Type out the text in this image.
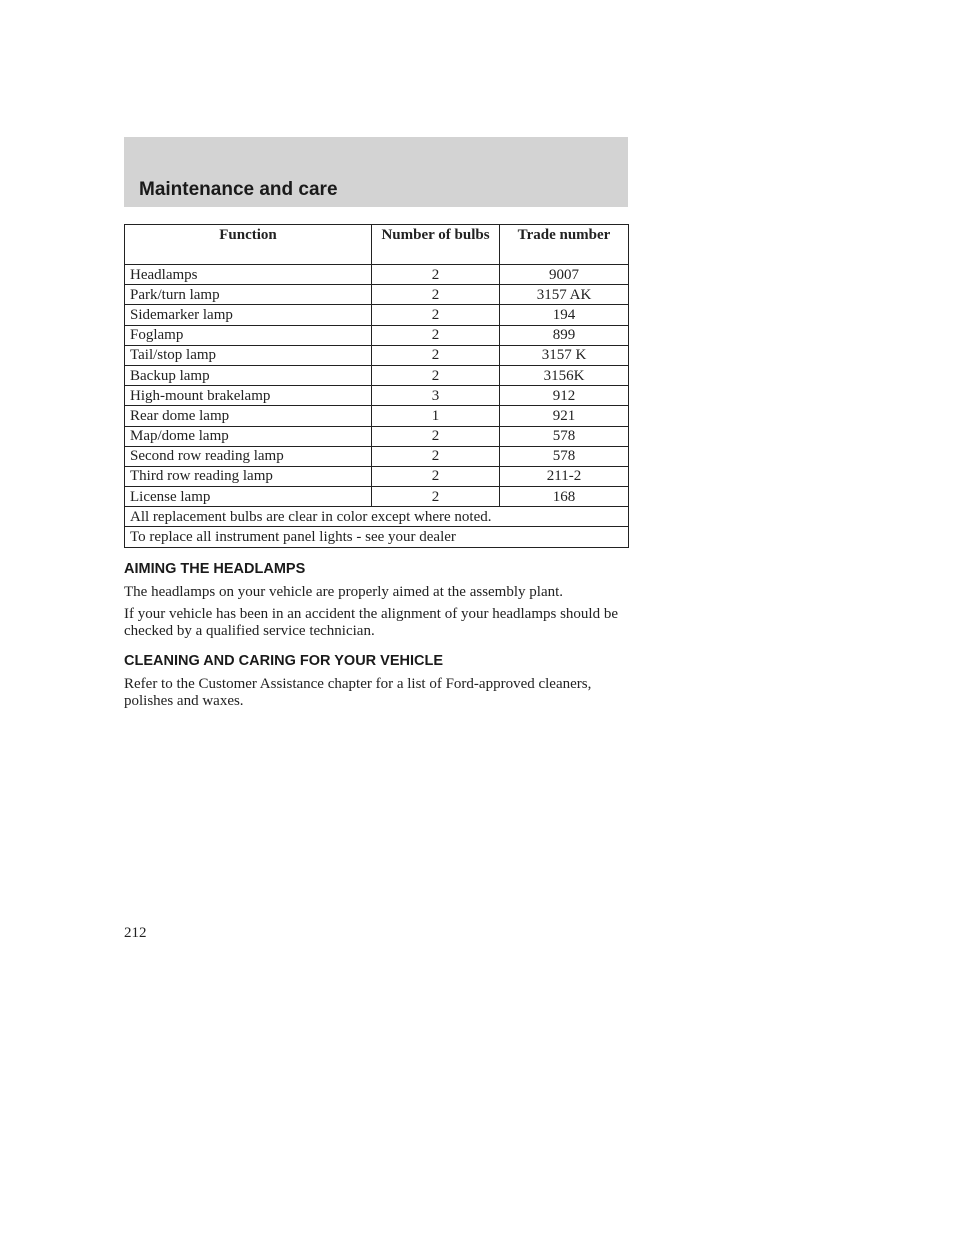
Maintenance and care
Function	Number of bulbs	Trade number
Headlamps	2	9007
Park/turn lamp	2	3157 AK
Sidemarker lamp	2	194
Foglamp	2	899
Tail/stop lamp	2	3157 K
Backup lamp	2	3156K
High-mount brakelamp	3	912
Rear dome lamp	1	921
Map/dome lamp	2	578
Second row reading lamp	2	578
Third row reading lamp	2	211-2
License lamp	2	168
All replacement bulbs are clear in color except where noted.		
To replace all instrument panel lights - see your dealer		
AIMING THE HEADLAMPS

The headlamps on your vehicle are properly aimed at the assembly plant.

If your vehicle has been in an accident the alignment of your headlamps should be checked by a qualified service technician.

CLEANING AND CARING FOR YOUR VEHICLE

Refer to the Customer Assistance chapter for a list of Ford-approved cleaners, polishes and waxes.

212
